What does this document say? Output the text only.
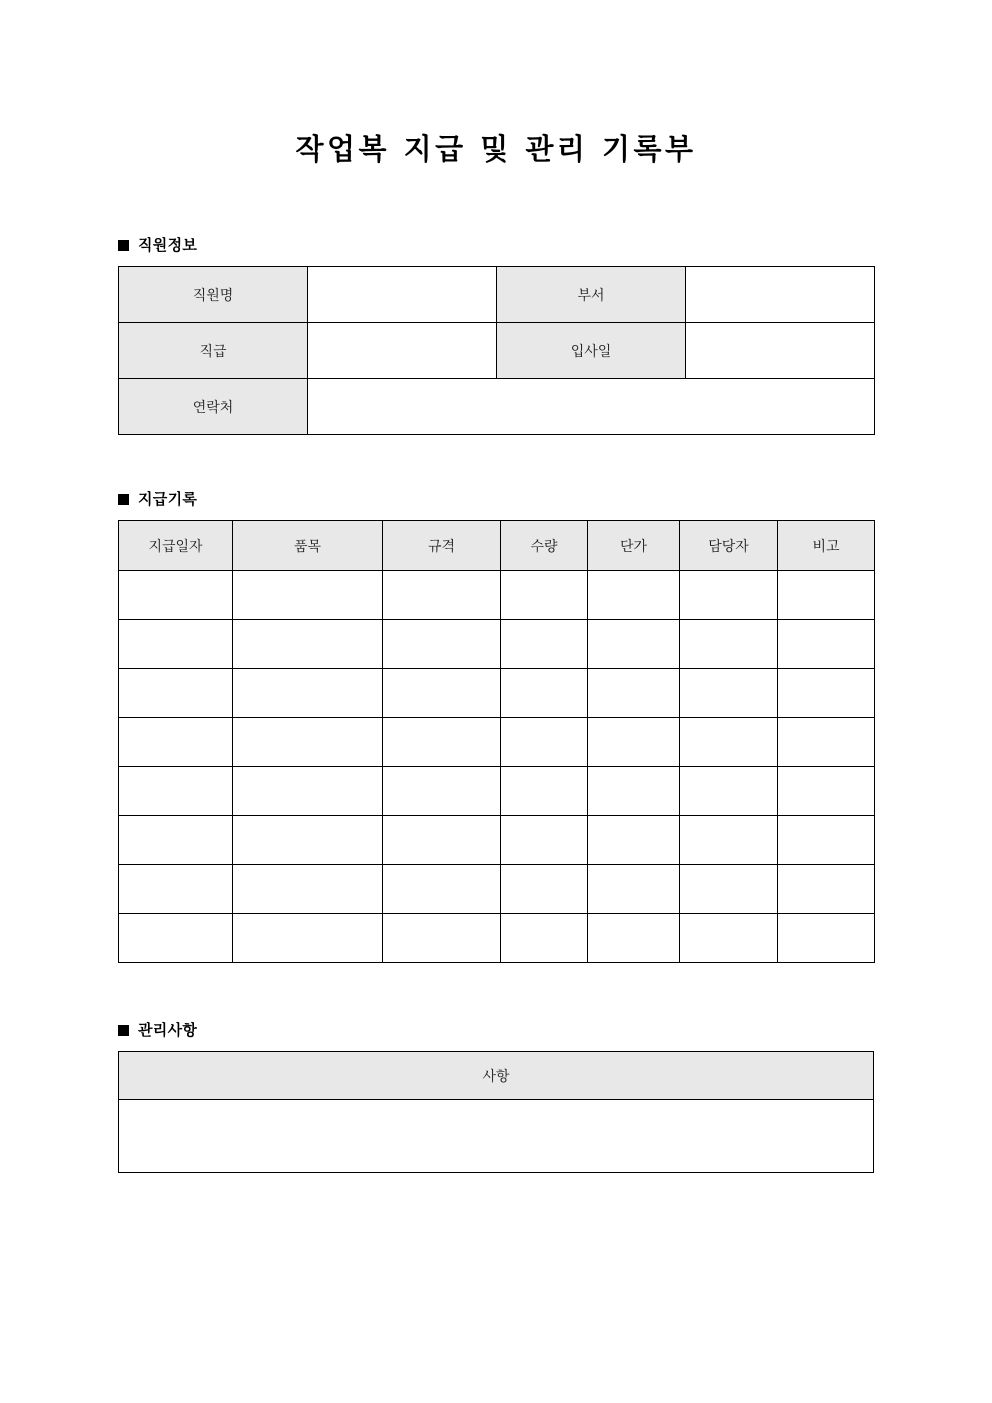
작업복 지급 및 관리 기록부
직원정보
직원명		부서	
직급		입사일	
연락처			
지급기록
지급일자	품목	규격	수량	단가	담당자	비고

관리사항
사항
